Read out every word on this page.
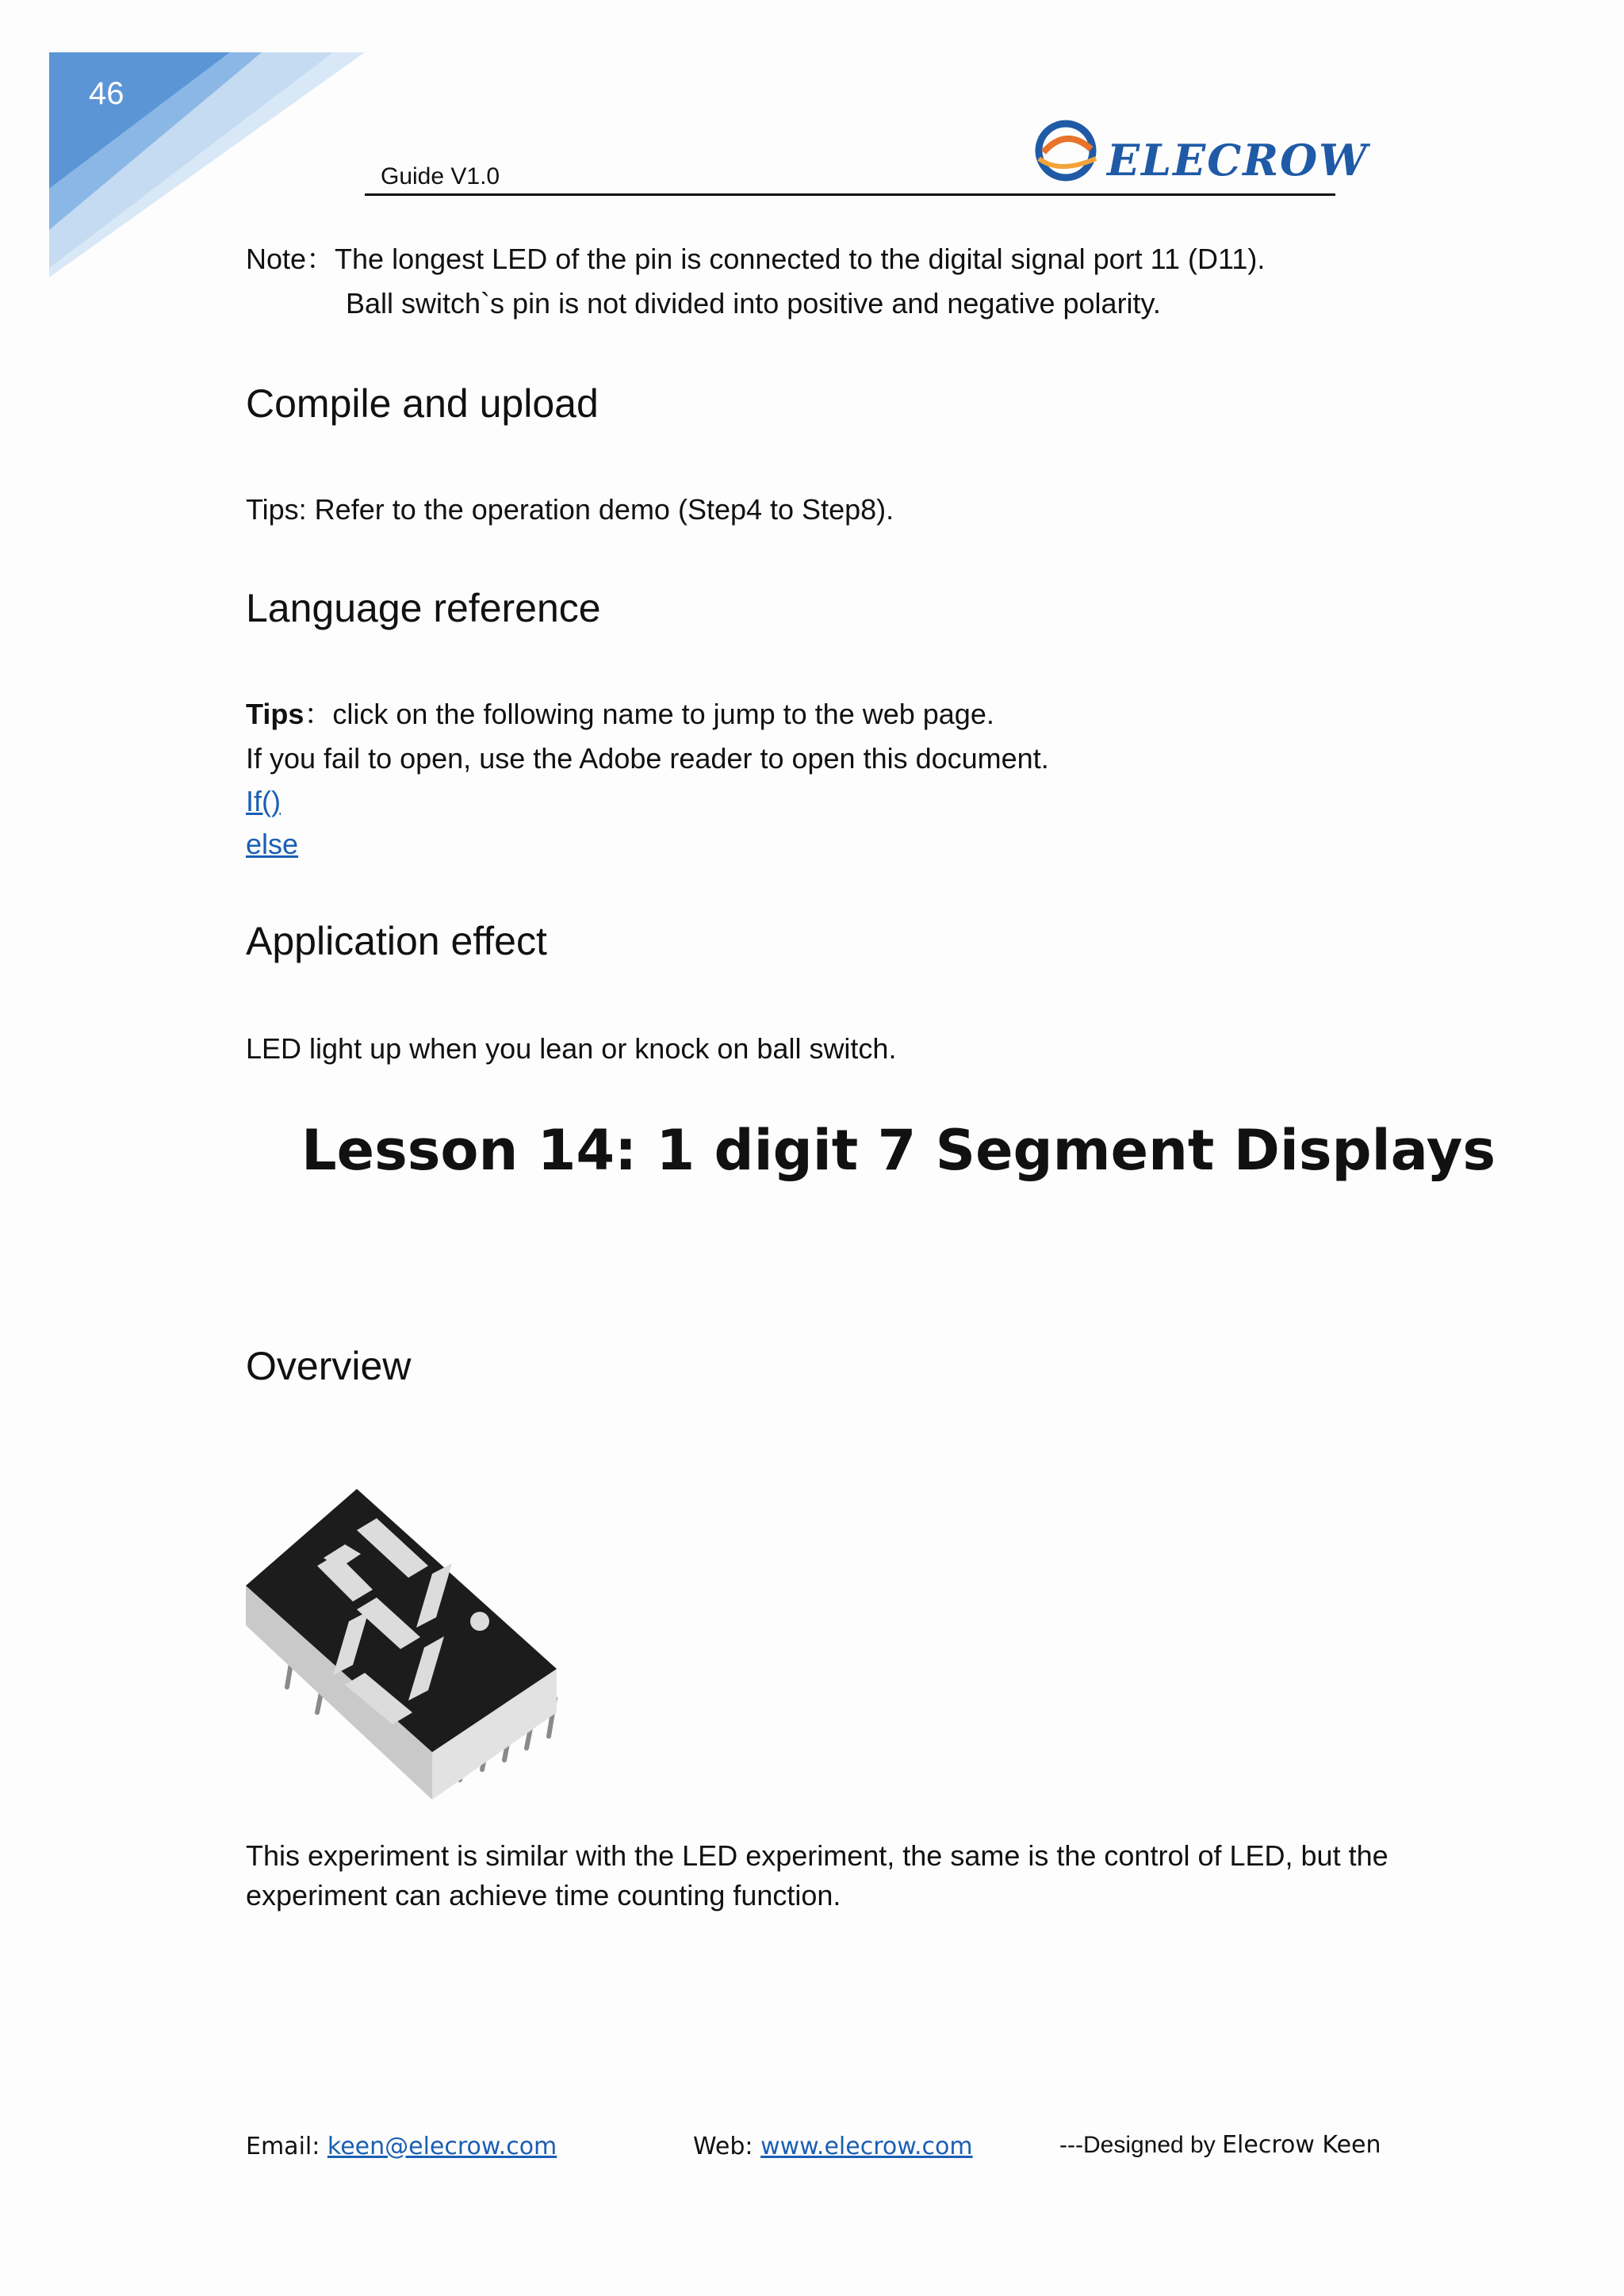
46
Guide V1.0	ELECROW
Note：The longest LED of the pin is connected to the digital signal port 11 (D11).
Ball switch`s pin is not divided into positive and negative polarity.
Compile and upload
Tips: Refer to the operation demo (Step4 to Step8).
Language reference
Tips：click on the following name to jump to the web page.
If you fail to open, use the Adobe reader to open this document.
If()
else
Application effect
LED light up when you lean or knock on ball switch.
Lesson 14: 1 digit 7 Segment Displays
Overview
This experiment is similar with the LED experiment, the same is the control of LED, but the
experiment can achieve time counting function.
Email: keen@elecrow.com	Web: www.elecrow.com	---Designed by Elecrow Keen
